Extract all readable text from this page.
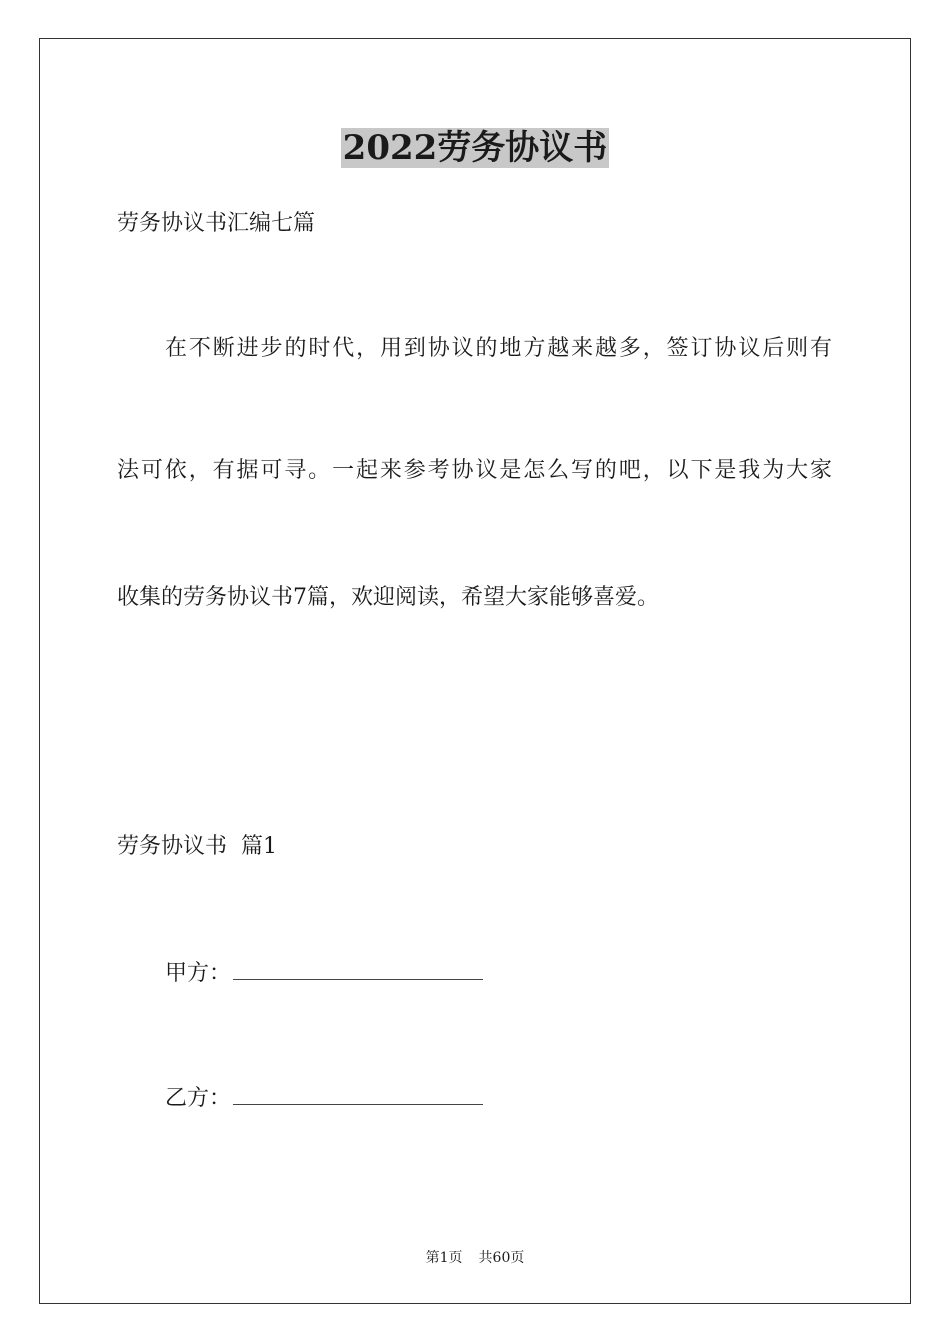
2022劳务协议书
劳务协议书汇编七篇
在不断进步的时代，用到协议的地方越来越多，签订协议后则有
法可依，有据可寻。一起来参考协议是怎么写的吧，以下是我为大家
收集的劳务协议书7篇，欢迎阅读，希望大家能够喜爱。
劳务协议书  篇1
甲方：
乙方：
第1页 共60页
